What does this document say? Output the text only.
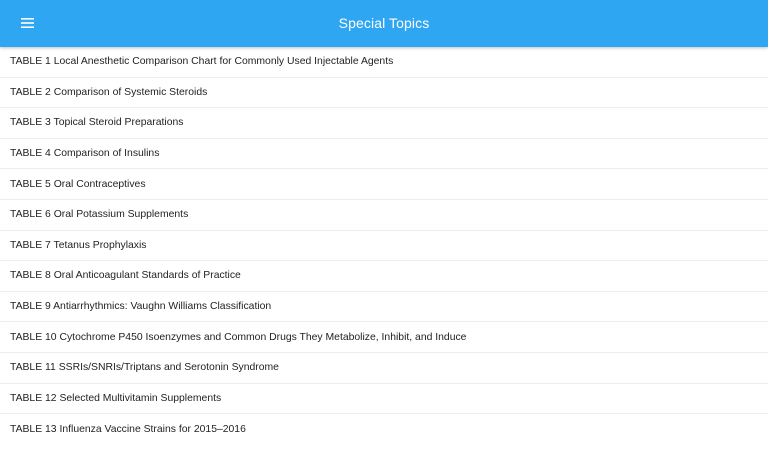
Special Topics
TABLE 1 Local Anesthetic Comparison Chart for Commonly Used Injectable Agents
TABLE 2 Comparison of Systemic Steroids
TABLE 3 Topical Steroid Preparations
TABLE 4 Comparison of Insulins
TABLE 5 Oral Contraceptives
TABLE 6 Oral Potassium Supplements
TABLE 7 Tetanus Prophylaxis
TABLE 8 Oral Anticoagulant Standards of Practice
TABLE 9 Antiarrhythmics: Vaughn Williams Classification
TABLE 10 Cytochrome P450 Isoenzymes and Common Drugs They Metabolize, Inhibit, and Induce
TABLE 11 SSRIs/SNRIs/Triptans and Serotonin Syndrome
TABLE 12 Selected Multivitamin Supplements
TABLE 13 Influenza Vaccine Strains for 2015–2016
